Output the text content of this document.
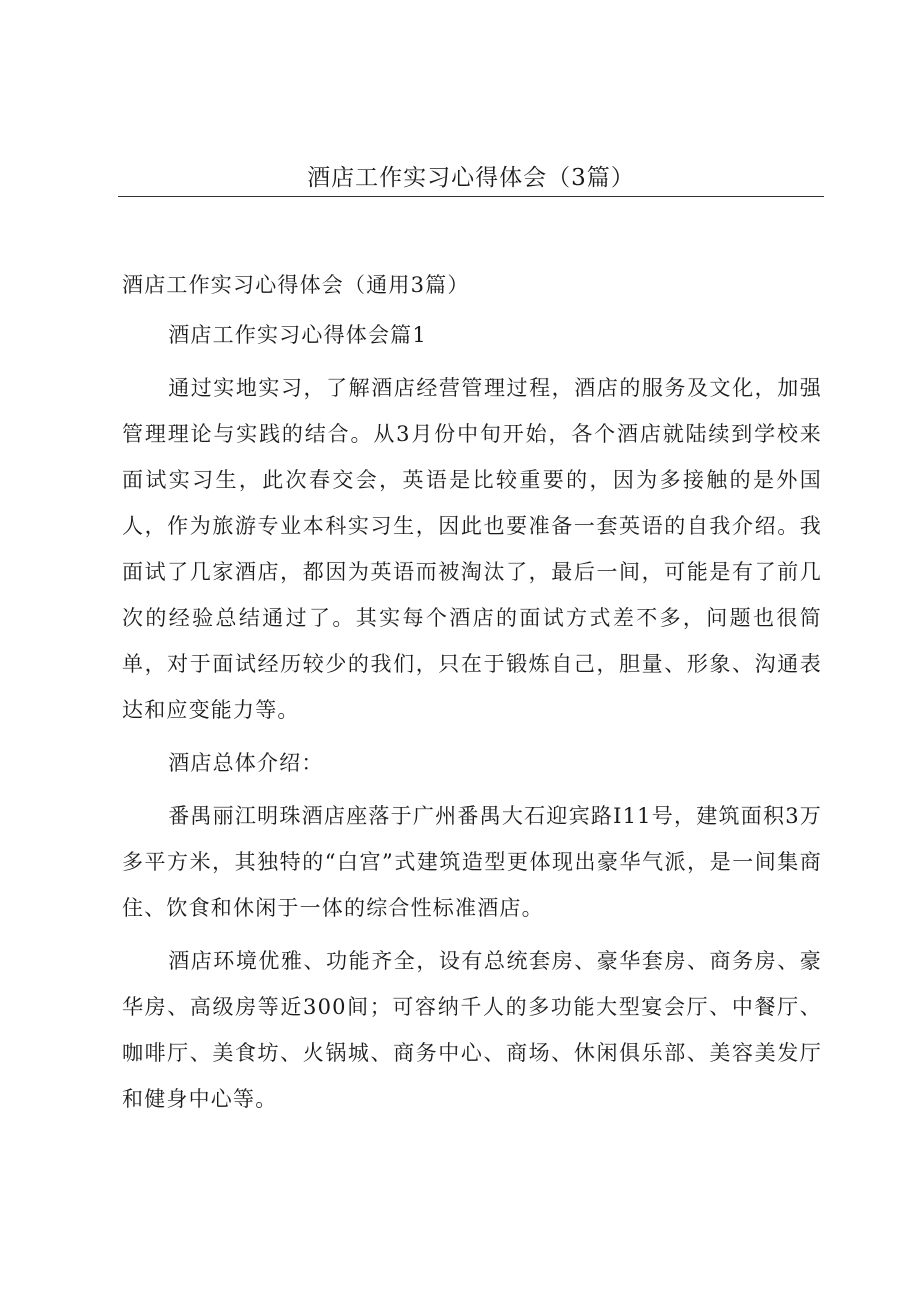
酒店工作实习心得体会（3篇）

酒店工作实习心得体会（通用3篇）

酒店工作实习心得体会篇1

通过实地实习，了解酒店经营管理过程，酒店的服务及文化，加强管理理论与实践的结合。从3月份中旬开始，各个酒店就陆续到学校来面试实习生，此次春交会，英语是比较重要的，因为多接触的是外国人，作为旅游专业本科实习生，因此也要准备一套英语的自我介绍。我面试了几家酒店，都因为英语而被淘汰了，最后一间，可能是有了前几次的经验总结通过了。其实每个酒店的面试方式差不多，问题也很简单，对于面试经历较少的我们，只在于锻炼自己，胆量、形象、沟通表达和应变能力等。

酒店总体介绍：

番禺丽江明珠酒店座落于广州番禺大石迎宾路I11号，建筑面积3万多平方米，其独特的“白宫”式建筑造型更体现出豪华气派，是一间集商住、饮食和休闲于一体的综合性标准酒店。

酒店环境优雅、功能齐全，设有总统套房、豪华套房、商务房、豪华房、高级房等近300间；可容纳千人的多功能大型宴会厅、中餐厅、咖啡厅、美食坊、火锅城、商务中心、商场、休闲俱乐部、美容美发厅和健身中心等。
